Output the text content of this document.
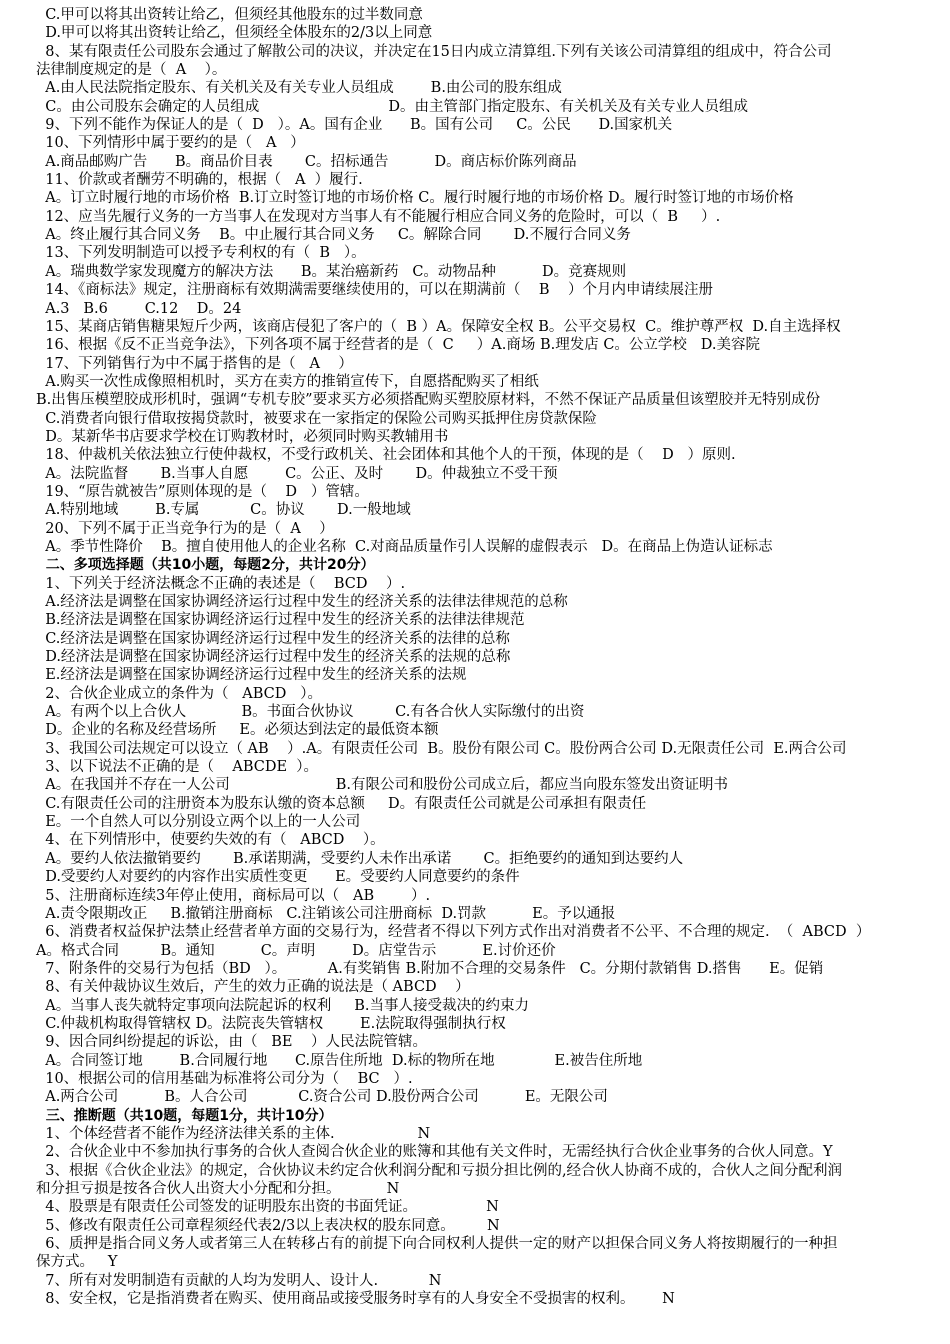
C.甲可以将其出资转让给乙，但须经其他股东的过半数同意
D.甲可以将其出资转让给乙，但须经全体股东的2/3以上同意
8、某有限责任公司股东会通过了解散公司的决议，并决定在15日内成立清算组.下列有关该公司清算组的组成中，符合公司
法律制度规定的是（  A    ）。
A.由人民法院指定股东、有关机关及有关专业人员组成        B.由公司的股东组成
C。由公司股东会确定的人员组成                            D。由主管部门指定股东、有关机关及有关专业人员组成
9、下列不能作为保证人的是（  D   ）。A。国有企业      B。国有公司     C。公民      D.国家机关
10、下列情形中属于要约的是（   A   ）
A.商品邮购广告      B。商品价目表       C。招标通告          D。商店标价陈列商品
11、价款或者酬劳不明确的，根据（   A  ）履行.
A。订立时履行地的市场价格  B.订立时签订地的市场价格 C。履行时履行地的市场价格 D。履行时签订地的市场价格
12、应当先履行义务的一方当事人在发现对方当事人有不能履行相应合同义务的危险时，可以（  B     ）.
A。终止履行其合同义务    B。中止履行其合同义务     C。解除合同       D.不履行合同义务
13、下列发明制造可以授予专利权的有（  B   ）。
A。瑞典数学家发现魔方的解决方法      B。某治癌新药   C。动物品种          D。竞赛规则
14、《商标法》规定，注册商标有效期满需要继续使用的，可以在期满前（    B    ）个月内申请续展注册
A.3   B.6        C.12    D。24
15、某商店销售糖果短斤少两，该商店侵犯了客户的（  B ）A。保障安全权 B。公平交易权  C。维护尊严权  D.自主选择权
16、根据《反不正当竞争法》，下列各项不属于经营者的是（  C     ）A.商场 B.理发店 C。公立学校   D.美容院
17、下列销售行为中不属于搭售的是（   A    ）
A.购买一次性成像照相机时，买方在卖方的推销宣传下，自愿搭配购买了相纸
B.出售压模塑胶成形机时，强调“专机专胶”要求买方必须搭配购买塑胶原材料，不然不保证产品质量但该塑胶并无特别成份
C.消费者向银行借取按揭贷款时，被要求在一家指定的保险公司购买抵押住房贷款保险
D。某新华书店要求学校在订购教材时，必须同时购买教辅用书
18、仲裁机关依法独立行使仲裁权，不受行政机关、社会团体和其他个人的干预，体现的是（    D   ）原则.
A。法院监督       B.当事人自愿        C。公正、及时       D。仲裁独立不受干预
19、“原告就被告”原则体现的是（    D   ）管辖。
A.特别地域        B.专属           C。协议       D.一般地域
20、下列不属于正当竞争行为的是（  A    ）
A。季节性降价    B。擅自使用他人的企业名称  C.对商品质量作引人误解的虚假表示   D。在商品上伪造认证标志
二、多项选择题（共10小题，每题2分，共计20分）
1、下列关于经济法概念不正确的表述是（    BCD    ）.
A.经济法是调整在国家协调经济运行过程中发生的经济关系的法律法律规范的总称
B.经济法是调整在国家协调经济运行过程中发生的经济关系的法律法律规范
C.经济法是调整在国家协调经济运行过程中发生的经济关系的法律的总称
D.经济法是调整在国家协调经济运行过程中发生的经济关系的法规的总称
E.经济法是调整在国家协调经济运行过程中发生的经济关系的法规
2、合伙企业成立的条件为（   ABCD   ）。
A。有两个以上合伙人            B。书面合伙协议         C.有各合伙人实际缴付的出资
D。企业的名称及经营场所     E。必须达到法定的最低资本额
3、我国公司法规定可以设立（ AB    ）.A。有限责任公司  B。股份有限公司 C。股份两合公司 D.无限责任公司  E.两合公司
3、以下说法不正确的是（    ABCDE  ）。
A。在我国并不存在一人公司                       B.有限公司和股份公司成立后，都应当向股东签发出资证明书
C.有限责任公司的注册资本为股东认缴的资本总额     D。有限责任公司就是公司承担有限责任
E。一个自然人可以分别设立两个以上的一人公司
4、在下列情形中，使要约失效的有（   ABCD    ）。
A。要约人依法撤销要约       B.承诺期满，受要约人未作出承诺       C。拒绝要约的通知到达要约人
D.受要约人对要约的内容作出实质性变更      E。受要约人同意要约的条件
5、注册商标连续3年停止使用，商标局可以（   AB        ）.
A.责令限期改正     B.撤销注册商标   C.注销该公司注册商标  D.罚款          E。予以通报
6、消费者权益保护法禁止经营者单方面的交易行为，经营者不得以下列方式作出对消费者不公平、不合理的规定.  （  ABCD  ）
A。格式合同         B。通知          C。声明        D。店堂告示          E.讨价还价
7、附条件的交易行为包括（BD   ）。         A.有奖销售 B.附加不合理的交易条件   C。分期付款销售 D.搭售      E。促销
8、有关仲裁协议生效后，产生的效力正确的说法是（ ABCD    ）
A。当事人丧失就特定事项向法院起诉的权利     B.当事人接受裁决的约束力
C.仲裁机构取得管辖权 D。法院丧失管辖权        E.法院取得强制执行权
9、因合同纠纷提起的诉讼，由（   BE    ）人民法院管辖。
A。合同签订地        B.合同履行地      C.原告住所地  D.标的物所在地             E.被告住所地
10、根据公司的信用基础为标准将公司分为（    BC   ）.
A.两合公司          B。人合公司           C.资合公司 D.股份两合公司          E。无限公司
三、推断题（共10题，每题1分，共计10分）
1、个体经营者不能作为经济法律关系的主体.                  N
2、合伙企业中不参加执行事务的合伙人查阅合伙企业的账簿和其他有关文件时，无需经执行合伙企业事务的合伙人同意。Y
3、根据《合伙企业法》的规定，合伙协议未约定合伙利润分配和亏损分担比例的,经合伙人协商不成的，合伙人之间分配利润
和分担亏损是按各合伙人出资大小分配和分担。          N
4、股票是有限责任公司签发的证明股东出资的书面凭证。               N
5、修改有限责任公司章程须经代表2/3以上表决权的股东同意。       N
6、质押是指合同义务人或者第三人在转移占有的前提下向合同权利人提供一定的财产以担保合同义务人将按期履行的一种担
保方式。   Y
7、所有对发明制造有贡献的人均为发明人、设计人.           N
8、安全权，它是指消费者在购买、使用商品或接受服务时享有的人身安全不受损害的权利。      N
